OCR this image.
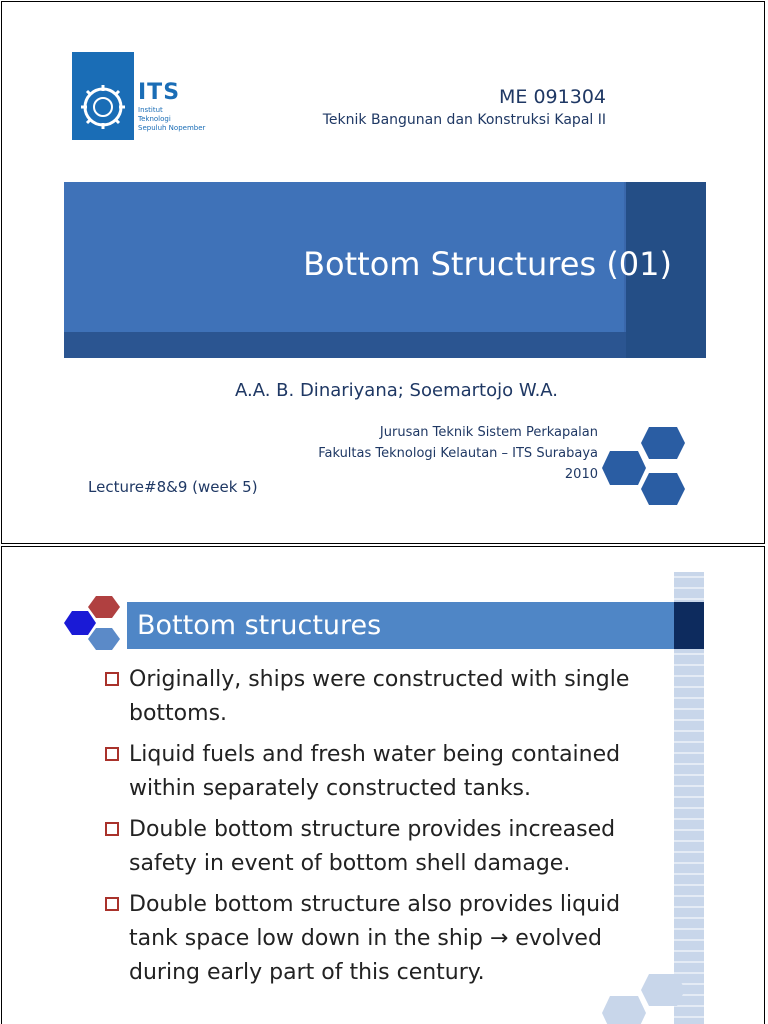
ITS
Institut
Teknologi
Sepuluh Nopember
ME 091304
Teknik Bangunan dan Konstruksi Kapal II
Bottom Structures (01)
A.A. B. Dinariyana; Soemartojo W.A.
Jurusan Teknik Sistem Perkapalan
Fakultas Teknologi Kelautan – ITS Surabaya
2010
Lecture#8&9 (week 5)
Bottom structures
Originally, ships were constructed with single bottoms.
Liquid fuels and fresh water being contained within separately constructed tanks.
Double bottom structure provides increased safety in event of bottom shell damage.
Double bottom structure also provides liquid tank space low down in the ship → evolved during early part of this century.
